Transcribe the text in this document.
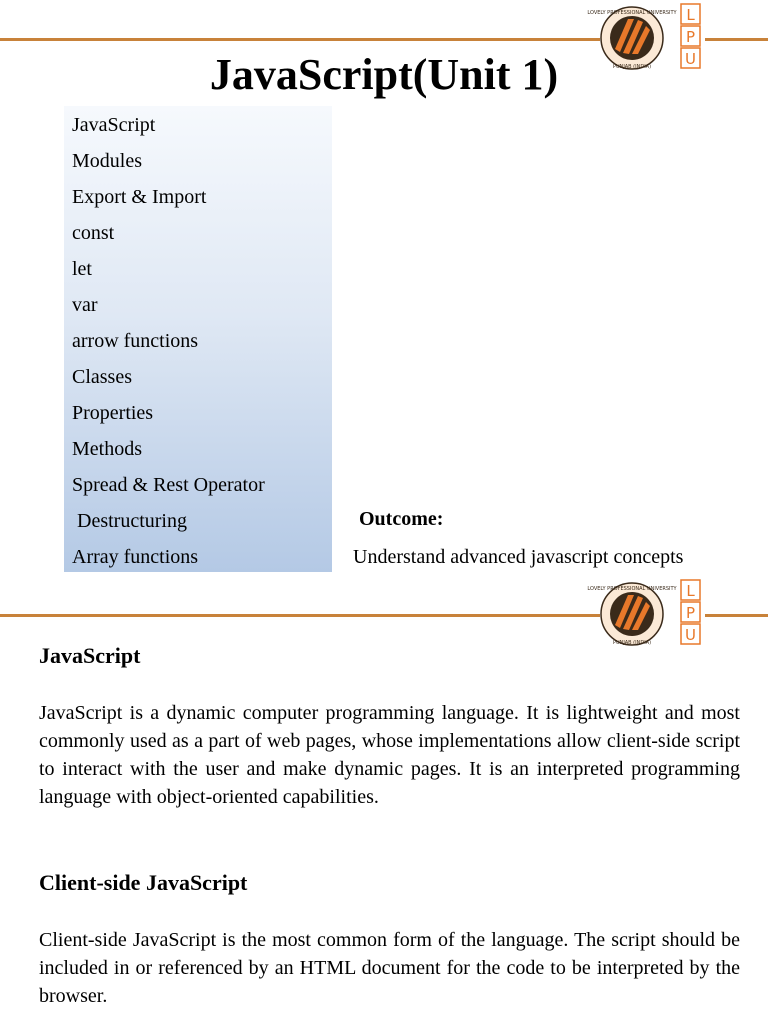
LOVELY PROFESSIONAL UNIVERSITY
PUNJAB (INDIA)
L
P
U
JavaScript(Unit 1)
JavaScript
Modules
Export & Import
const
let
var
arrow functions
Classes
Properties
Methods
Spread & Rest Operator
Destructuring
Array functions
Outcome:
Understand advanced javascript concepts
LOVELY PROFESSIONAL UNIVERSITY
PUNJAB (INDIA)
L
P
U
JavaScript

JavaScript is a dynamic computer programming language. It is lightweight and most commonly used as a part of web pages, whose implementations allow client-side script to interact with the user and make dynamic pages. It is an interpreted programming language with object-oriented capabilities.

Client-side JavaScript

Client-side JavaScript is the most common form of the language. The script should be included in or referenced by an HTML document for the code to be interpreted by the browser.
